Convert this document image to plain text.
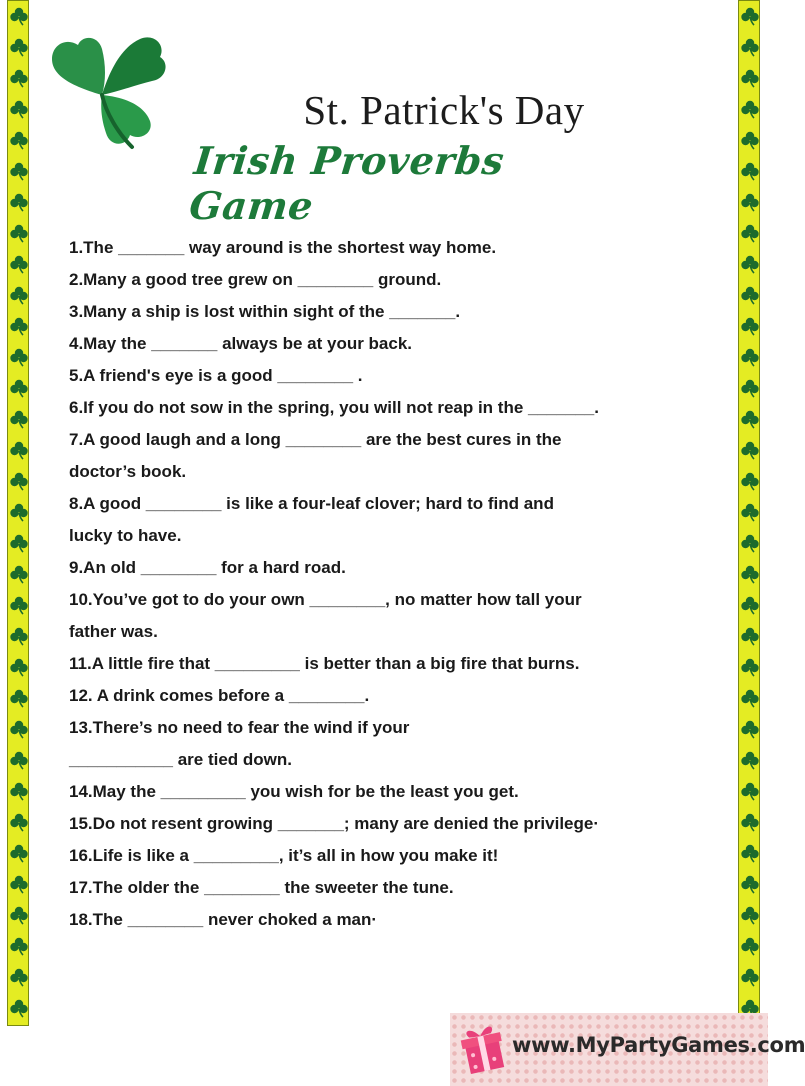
St. Patrick's Day
Irish Proverbs Game
1.The _______ way around is the shortest way home.
2.Many a good tree grew on ________ ground.
3.Many a ship is lost within sight of the _______.
4.May the _______ always be at your back.
5.A friend's eye is a good ________ .
6.If you do not sow in the spring, you will not reap in the _______.
7.A good laugh and a long ________ are the best cures in the
doctor’s book.
8.A good ________ is like a four-leaf clover; hard to find and
lucky to have.
9.An old ________ for a hard road.
10.You’ve got to do your own ________, no matter how tall your
father was.
11.A little fire that _________ is better than a big fire that burns.
12. A drink comes before a ________.
13.There’s no need to fear the wind if your
___________ are tied down.
14.May the _________ you wish for be the least you get.
15.Do not resent growing _______; many are denied the privilege·
16.Life is like a _________, it’s all in how you make it!
17.The older the ________ the sweeter the tune.
18.The ________ never choked a man·
www.MyPartyGames.com
